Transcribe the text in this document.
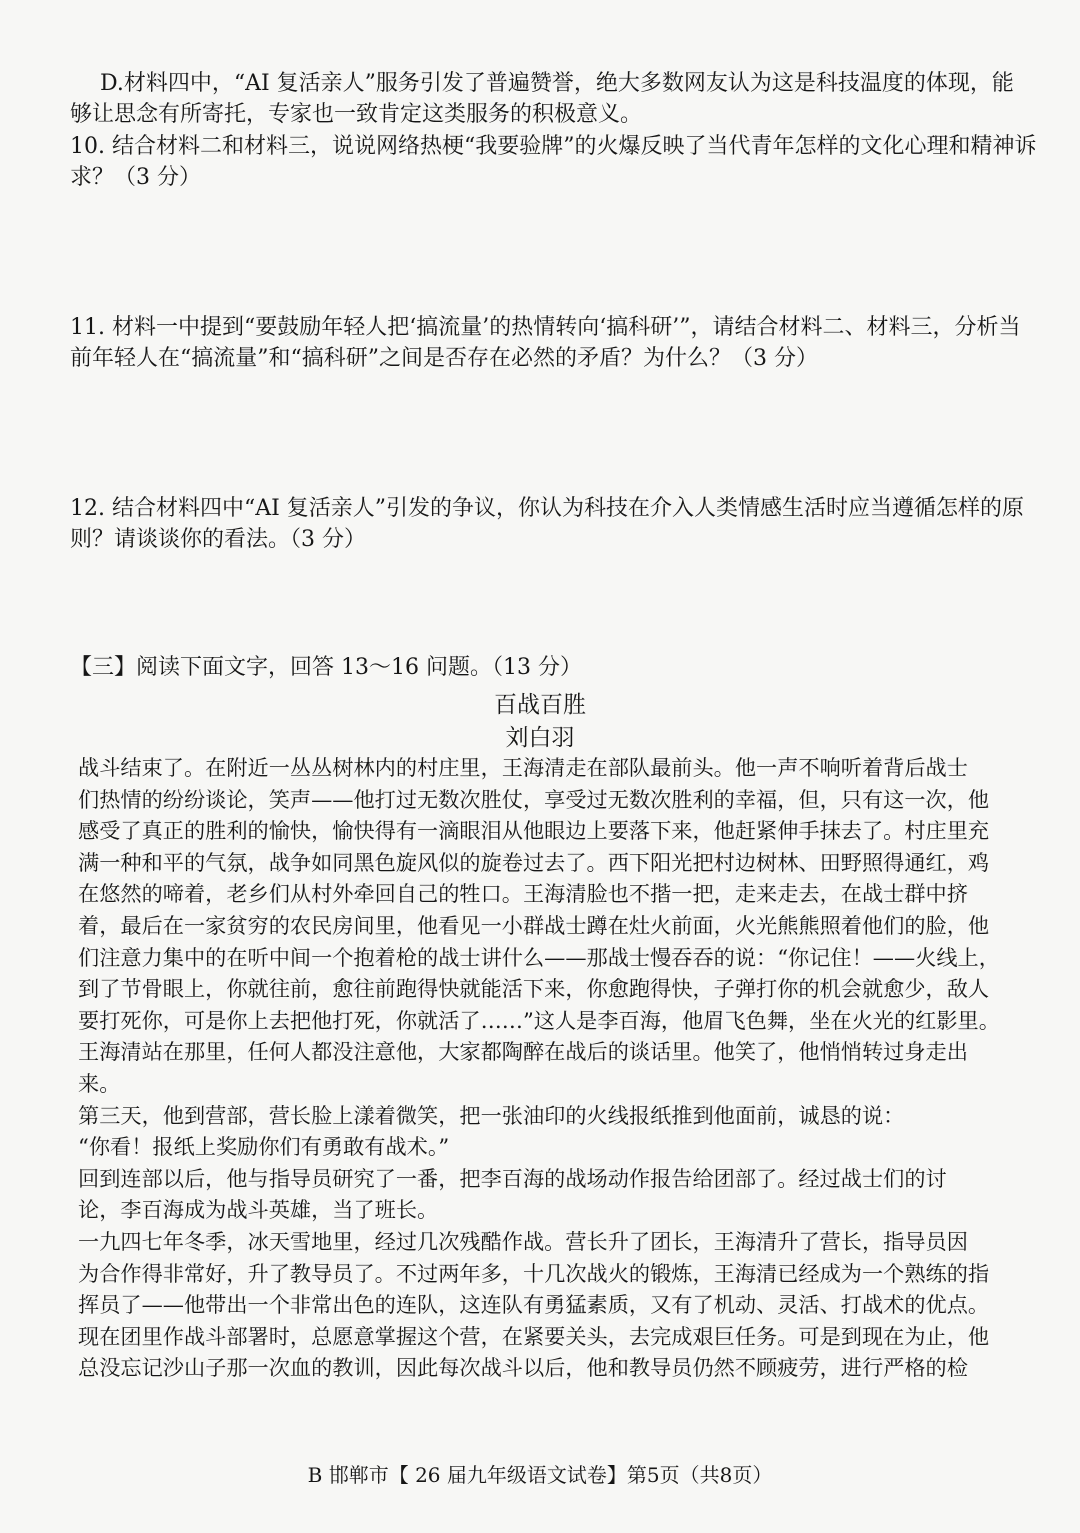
D.材料四中，“AI 复活亲人”服务引发了普遍赞誉，绝大多数网友认为这是科技温度的体现，能
够让思念有所寄托，专家也一致肯定这类服务的积极意义。
10. 结合材料二和材料三，说说网络热梗“我要验牌”的火爆反映了当代青年怎样的文化心理和精神诉
求？（3 分）
11. 材料一中提到“要鼓励年轻人把‘搞流量’的热情转向‘搞科研’”，请结合材料二、材料三，分析当
前年轻人在“搞流量”和“搞科研”之间是否存在必然的矛盾？为什么？（3 分）
12. 结合材料四中“AI 复活亲人”引发的争议，你认为科技在介入人类情感生活时应当遵循怎样的原
则？请谈谈你的看法。（3 分）
【三】阅读下面文字，回答 13～16 问题。（13 分）
百战百胜
刘白羽
战斗结束了。在附近一丛丛树林内的村庄里，王海清走在部队最前头。他一声不响听着背后战士
们热情的纷纷谈论，笑声——他打过无数次胜仗，享受过无数次胜利的幸福，但，只有这一次，他
感受了真正的胜利的愉快，愉快得有一滴眼泪从他眼边上要落下来，他赶紧伸手抹去了。村庄里充
满一种和平的气氛，战争如同黑色旋风似的旋卷过去了。西下阳光把村边树林、田野照得通红，鸡
在悠然的啼着，老乡们从村外牵回自己的牲口。王海清脸也不揩一把，走来走去，在战士群中挤
着，最后在一家贫穷的农民房间里，他看见一小群战士蹲在灶火前面，火光熊熊照着他们的脸，他
们注意力集中的在听中间一个抱着枪的战士讲什么——那战士慢吞吞的说：“你记住！——火线上，
到了节骨眼上，你就往前，愈往前跑得快就能活下来，你愈跑得快，子弹打你的机会就愈少，敌人
要打死你，可是你上去把他打死，你就活了……”这人是李百海，他眉飞色舞，坐在火光的红影里。
王海清站在那里，任何人都没注意他，大家都陶醉在战后的谈话里。他笑了，他悄悄转过身走出
来。
第三天，他到营部，营长脸上漾着微笑，把一张油印的火线报纸推到他面前，诚恳的说：
“你看！报纸上奖励你们有勇敢有战术。”
回到连部以后，他与指导员研究了一番，把李百海的战场动作报告给团部了。经过战士们的讨
论，李百海成为战斗英雄，当了班长。
一九四七年冬季，冰天雪地里，经过几次残酷作战。营长升了团长，王海清升了营长，指导员因
为合作得非常好，升了教导员了。不过两年多，十几次战火的锻炼，王海清已经成为一个熟练的指
挥员了——他带出一个非常出色的连队，这连队有勇猛素质，又有了机动、灵活、打战术的优点。
现在团里作战斗部署时，总愿意掌握这个营，在紧要关头，去完成艰巨任务。可是到现在为止，他
总没忘记沙山子那一次血的教训，因此每次战斗以后，他和教导员仍然不顾疲劳，进行严格的检
B 邯郸市【 26 届九年级语文试卷】第5页（共8页）
